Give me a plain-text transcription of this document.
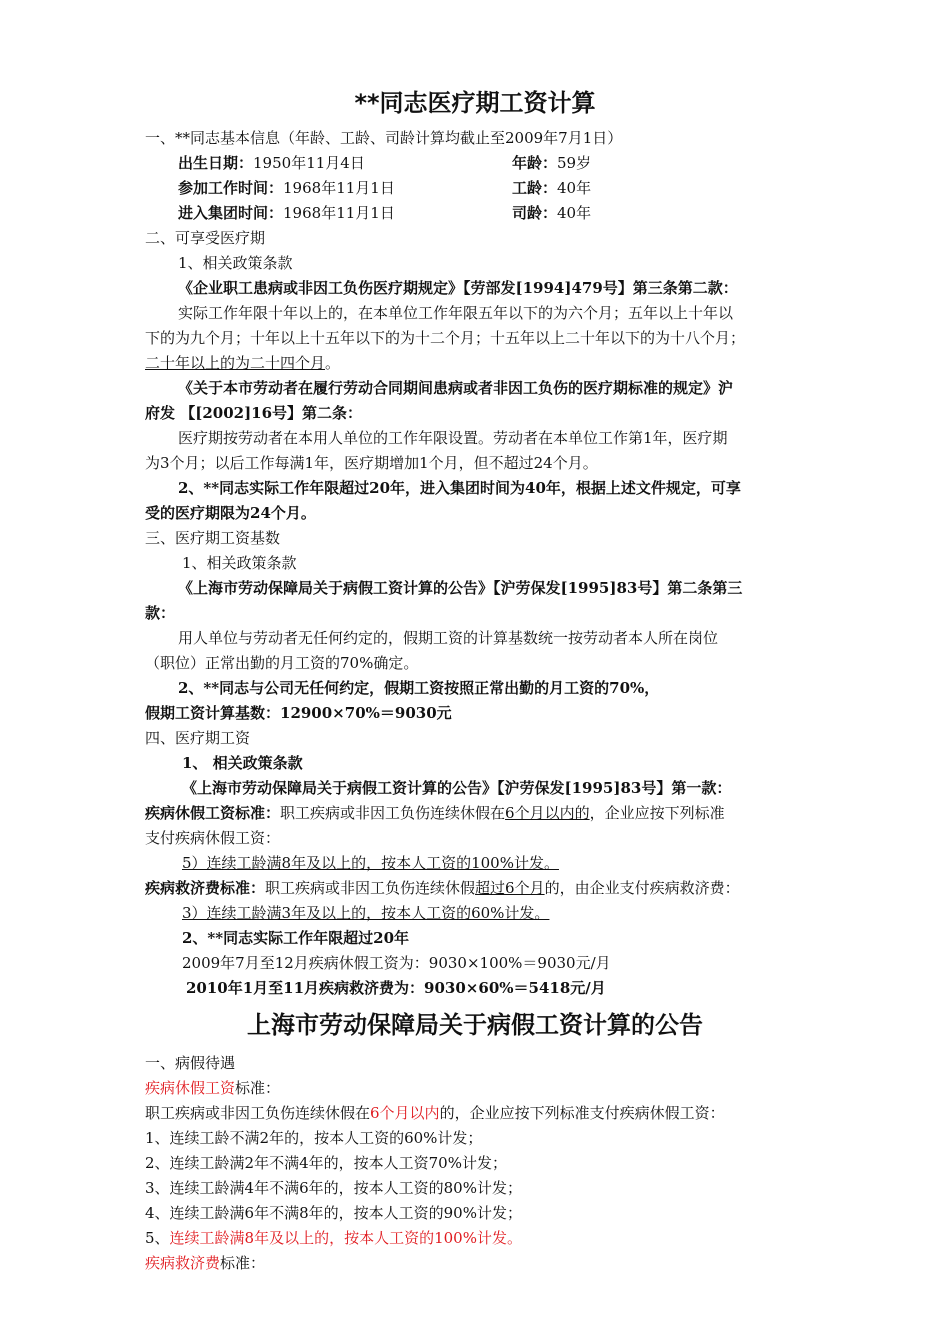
**同志医疗期工资计算
一、**同志基本信息（年龄、工龄、司龄计算均截止至2009年7月1日）
出生日期：1950年11月4日	年龄：59岁
参加工作时间：1968年11月1日	工龄：40年
进入集团时间：1968年11月1日	司龄：40年
二、可享受医疗期
1、相关政策条款
《企业职工患病或非因工负伤医疗期规定》【劳部发[1994]479号】第三条第二款：
实际工作年限十年以上的，在本单位工作年限五年以下的为六个月；五年以上十年以
下的为九个月；十年以上十五年以下的为十二个月；十五年以上二十年以下的为十八个月；
二十年以上的为二十四个月。
《关于本市劳动者在履行劳动合同期间患病或者非因工负伤的医疗期标准的规定》沪
府发 【[2002]16号】第二条：
医疗期按劳动者在本用人单位的工作年限设置。劳动者在本单位工作第1年，医疗期
为3个月；以后工作每满1年，医疗期增加1个月，但不超过24个月。
2、**同志实际工作年限超过20年，进入集团时间为40年，根据上述文件规定，可享
受的医疗期限为24个月。
三、医疗期工资基数
1、相关政策条款
《上海市劳动保障局关于病假工资计算的公告》【沪劳保发[1995]83号】第二条第三
款：
用人单位与劳动者无任何约定的，假期工资的计算基数统一按劳动者本人所在岗位
（职位）正常出勤的月工资的70%确定。
2、**同志与公司无任何约定，假期工资按照正常出勤的月工资的70%，
假期工资计算基数：12900×70%＝9030元
四、医疗期工资
1、 相关政策条款
《上海市劳动保障局关于病假工资计算的公告》【沪劳保发[1995]83号】第一款：
疾病休假工资标准：职工疾病或非因工负伤连续休假在6个月以内的，企业应按下列标准
支付疾病休假工资：
5）连续工龄满8年及以上的，按本人工资的100%计发。
疾病救济费标准：职工疾病或非因工负伤连续休假超过6个月的，由企业支付疾病救济费：
3）连续工龄满3年及以上的，按本人工资的60%计发。
2、**同志实际工作年限超过20年
2009年7月至12月疾病休假工资为：9030×100%＝9030元/月
2010年1月至11月疾病救济费为：9030×60%＝5418元/月
上海市劳动保障局关于病假工资计算的公告
一、病假待遇
疾病休假工资标准：
职工疾病或非因工负伤连续休假在6个月以内的，企业应按下列标准支付疾病休假工资：
1、连续工龄不满2年的，按本人工资的60%计发；
2、连续工龄满2年不满4年的，按本人工资70%计发；
3、连续工龄满4年不满6年的，按本人工资的80%计发；
4、连续工龄满6年不满8年的，按本人工资的90%计发；
5、连续工龄满8年及以上的，按本人工资的100%计发。
疾病救济费标准：
